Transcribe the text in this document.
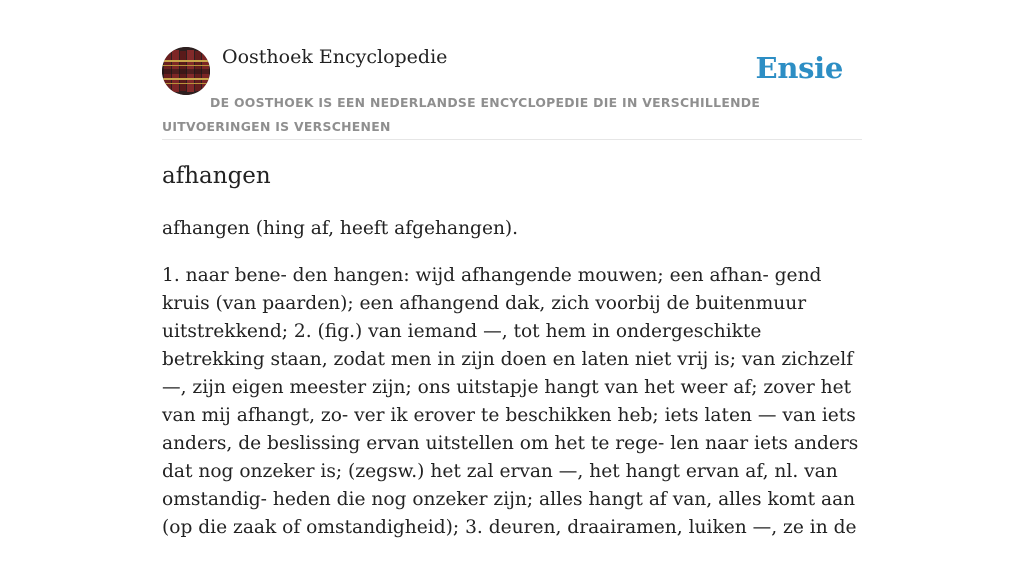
Oosthoek Encyclopedie	Ensie
DE OOSTHOEK IS EEN NEDERLANDSE ENCYCLOPEDIE DIE IN VERSCHILLENDE UITVOERINGEN IS VERSCHENEN
afhangen

afhangen (hing af, heeft afgehangen).

1. naar bene- den hangen: wijd afhangende mouwen; een afhan- gend kruis (van paarden); een afhangend dak, zich voorbij de buitenmuur uitstrekkend; 2. (fig.) van iemand —, tot hem in ondergeschikte betrekking staan, zodat men in zijn doen en laten niet vrij is; van zichzelf —, zijn eigen meester zijn; ons uitstapje hangt van het weer af; zover het van mij afhangt, zo- ver ik erover te beschikken heb; iets laten — van iets anders, de beslissing ervan uitstellen om het te rege- len naar iets anders dat nog onzeker is; (zegsw.) het zal ervan —, het hangt ervan af, nl. van omstandig- heden die nog onzeker zijn; alles hangt af van, alles komt aan (op die zaak of omstandigheid); 3. deuren, draairamen, luiken —, ze in de
